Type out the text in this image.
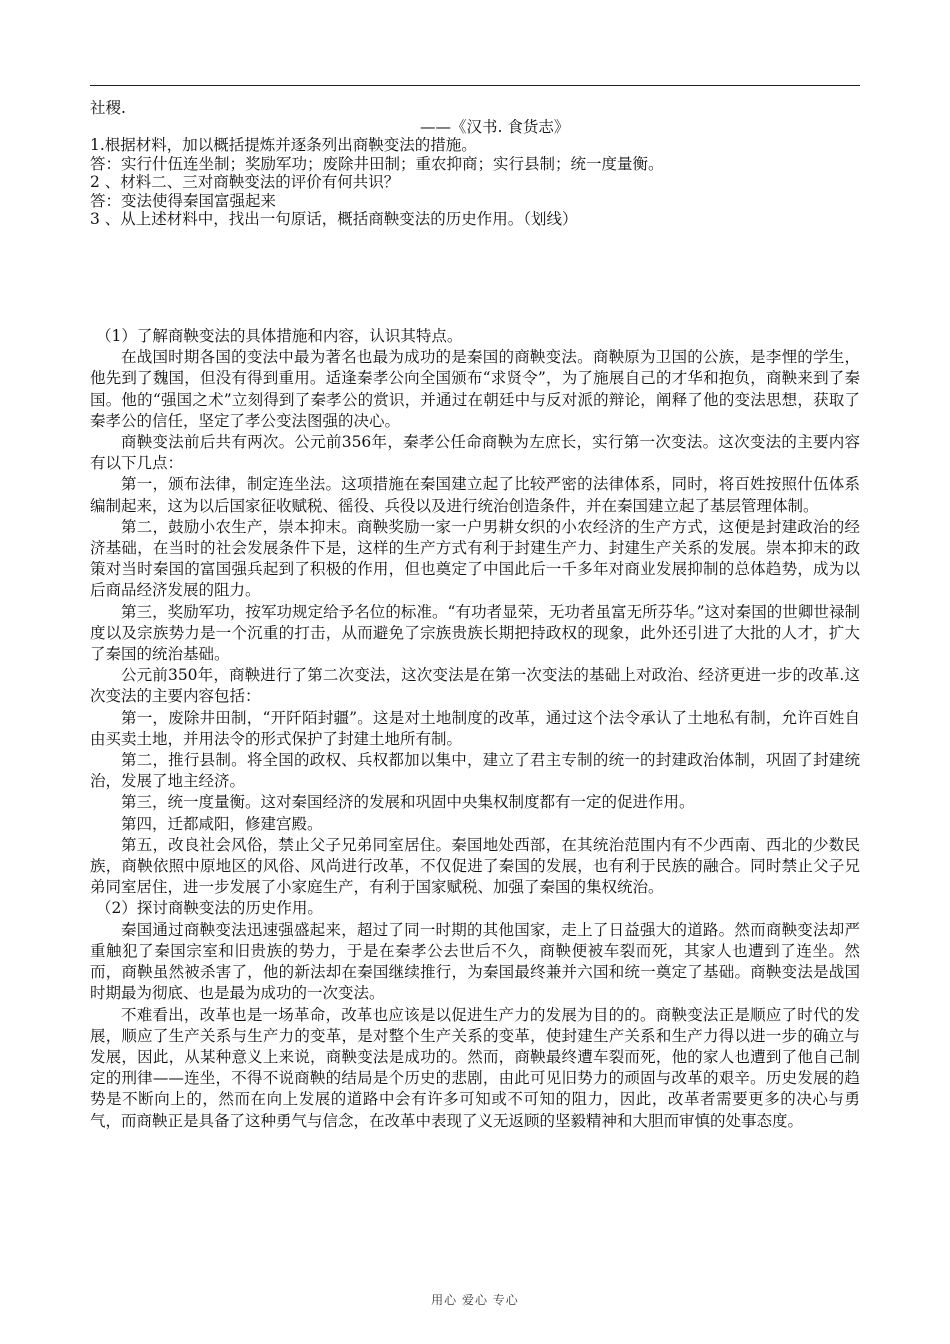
社稷.
——《汉书. 食货志》
1.根据材料，加以概括提炼并逐条列出商鞅变法的措施。
答：实行什伍连坐制；奖励军功；废除井田制；重农抑商；实行县制；统一度量衡。
2 、材料二、三对商鞅变法的评价有何共识？
答：变法使得秦国富强起来
3 、从上述材料中，找出一句原话，概括商鞅变法的历史作用。（划线）

（1）了解商鞅变法的具体措施和内容，认识其特点。

在战国时期各国的变法中最为著名也最为成功的是秦国的商鞅变法。商鞅原为卫国的公族，是李悝的学生，他先到了魏国，但没有得到重用。适逢秦孝公向全国颁布“求贤令”，为了施展自己的才华和抱负，商鞅来到了秦国。他的“强国之术”立刻得到了秦孝公的赏识，并通过在朝廷中与反对派的辩论，阐释了他的变法思想，获取了秦孝公的信任，坚定了孝公变法图强的决心。

商鞅变法前后共有两次。公元前356年，秦孝公任命商鞅为左庶长，实行第一次变法。这次变法的主要内容有以下几点：

第一，颁布法律，制定连坐法。这项措施在秦国建立起了比较严密的法律体系，同时，将百姓按照什伍体系编制起来，这为以后国家征收赋税、徭役、兵役以及进行统治创造条件，并在秦国建立起了基层管理体制。

第二，鼓励小农生产，崇本抑末。商鞅奖励一家一户男耕女织的小农经济的生产方式，这便是封建政治的经济基础，在当时的社会发展条件下是，这样的生产方式有利于封建生产力、封建生产关系的发展。崇本抑末的政策对当时秦国的富国强兵起到了积极的作用，但也奠定了中国此后一千多年对商业发展抑制的总体趋势，成为以后商品经济发展的阻力。

第三，奖励军功，按军功规定给予名位的标准。“有功者显荣，无功者虽富无所芬华。”这对秦国的世卿世禄制度以及宗族势力是一个沉重的打击，从而避免了宗族贵族长期把持政权的现象，此外还引进了大批的人才，扩大了秦国的统治基础。

公元前350年，商鞅进行了第二次变法，这次变法是在第一次变法的基础上对政治、经济更进一步的改革.这次变法的主要内容包括：

第一，废除井田制，“开阡陌封疆”。这是对土地制度的改革，通过这个法令承认了土地私有制，允许百姓自由买卖土地，并用法令的形式保护了封建土地所有制。

第二，推行县制。将全国的政权、兵权都加以集中，建立了君主专制的统一的封建政治体制，巩固了封建统治，发展了地主经济。

第三，统一度量衡。这对秦国经济的发展和巩固中央集权制度都有一定的促进作用。

第四，迁都咸阳，修建宫殿。

第五，改良社会风俗，禁止父子兄弟同室居住。秦国地处西部，在其统治范围内有不少西南、西北的少数民族，商鞅依照中原地区的风俗、风尚进行改革，不仅促进了秦国的发展，也有利于民族的融合。同时禁止父子兄弟同室居住，进一步发展了小家庭生产，有利于国家赋税、加强了秦国的集权统治。

（2）探讨商鞅变法的历史作用。

秦国通过商鞅变法迅速强盛起来，超过了同一时期的其他国家，走上了日益强大的道路。然而商鞅变法却严重触犯了秦国宗室和旧贵族的势力，于是在秦孝公去世后不久，商鞅便被车裂而死，其家人也遭到了连坐。然而，商鞅虽然被杀害了，他的新法却在秦国继续推行，为秦国最终兼并六国和统一奠定了基础。商鞅变法是战国时期最为彻底、也是最为成功的一次变法。

不难看出，改革也是一场革命，改革也应该是以促进生产力的发展为目的的。商鞅变法正是顺应了时代的发展，顺应了生产关系与生产力的变革，是对整个生产关系的变革，使封建生产关系和生产力得以进一步的确立与发展，因此，从某种意义上来说，商鞅变法是成功的。然而，商鞅最终遭车裂而死，他的家人也遭到了他自己制定的刑律——连坐，不得不说商鞅的结局是个历史的悲剧，由此可见旧势力的顽固与改革的艰辛。历史发展的趋势是不断向上的，然而在向上发展的道路中会有许多可知或不可知的阻力，因此，改革者需要更多的决心与勇气，而商鞅正是具备了这种勇气与信念，在改革中表现了义无返顾的坚毅精神和大胆而审慎的处事态度。

用心 爱心 专心
